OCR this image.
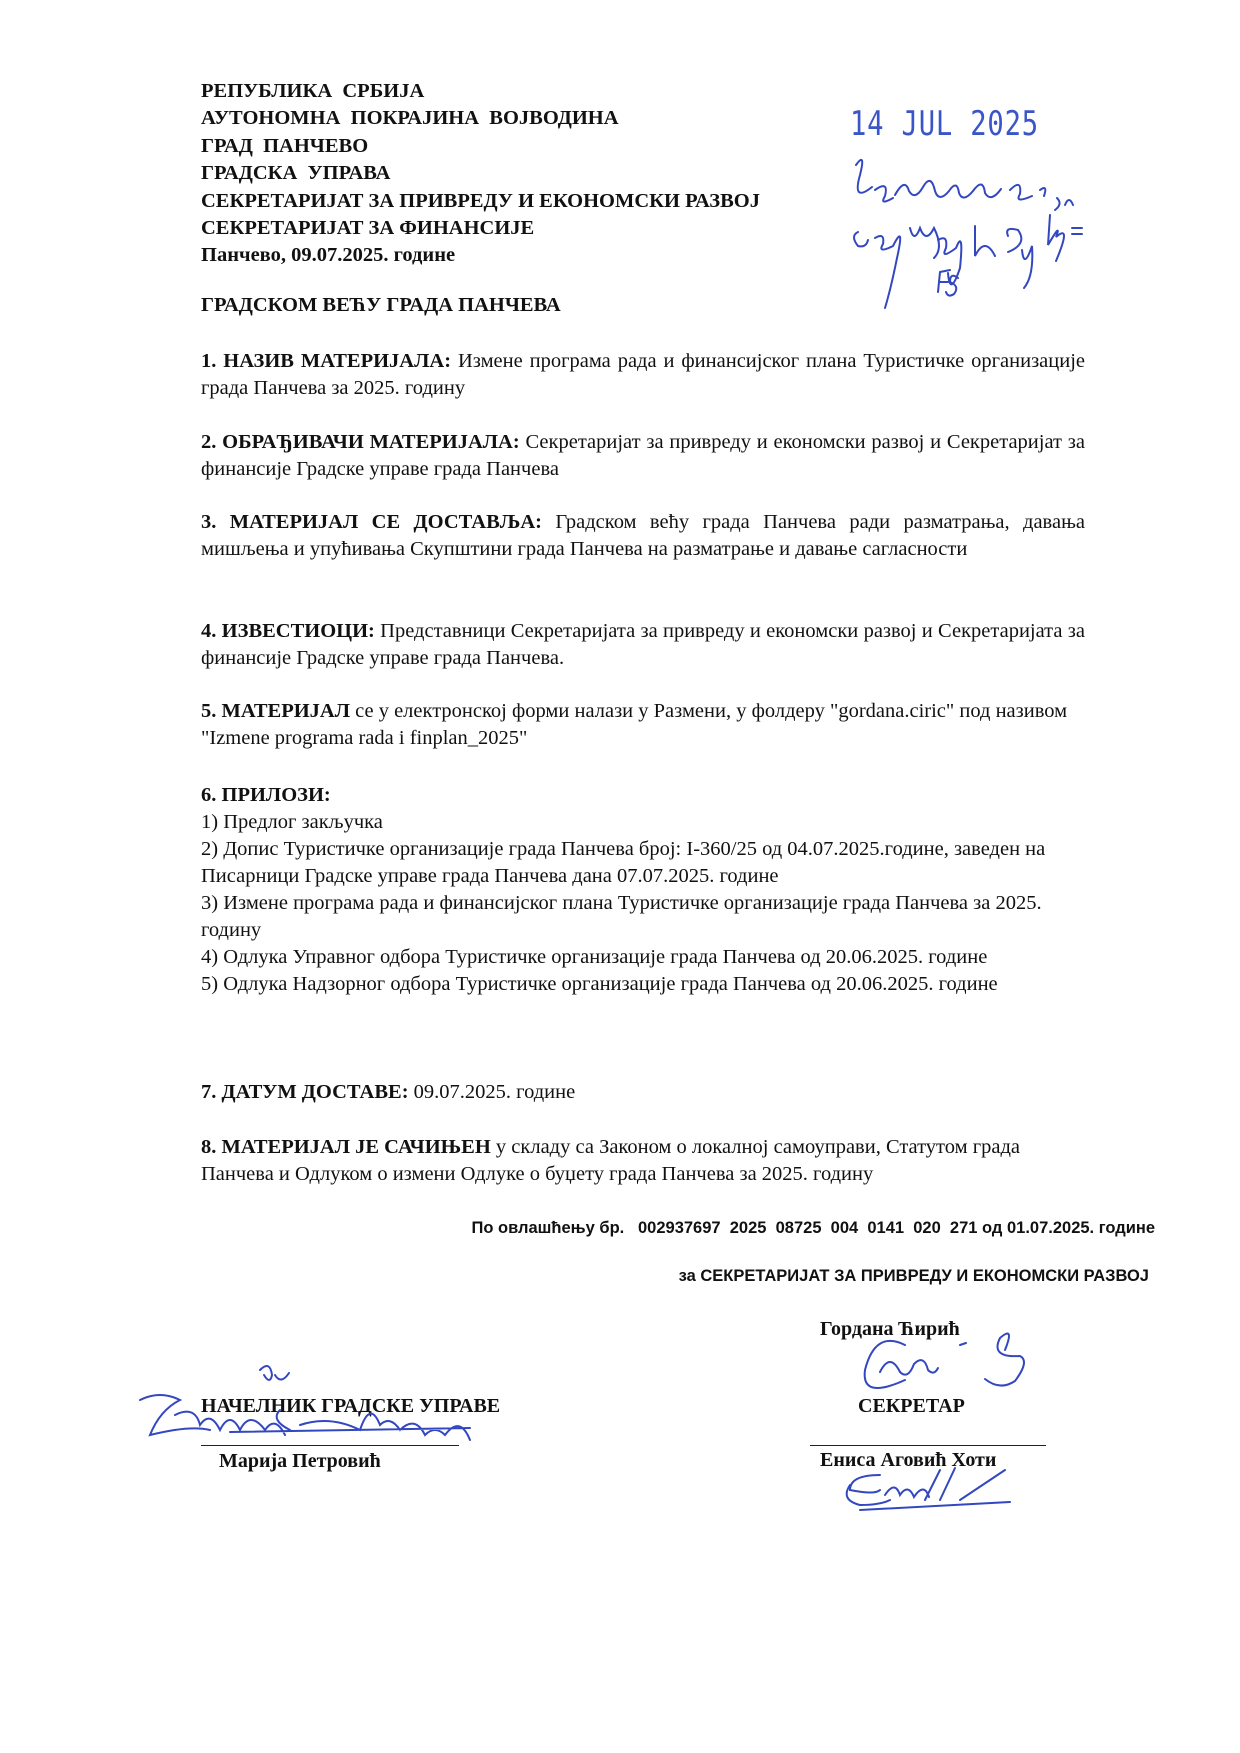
РЕПУБЛИКА  СРБИЈА
АУТОНОМНА  ПОКРАЈИНА  ВОЈВОДИНА
ГРАД  ПАНЧЕВО
ГРАДСКА  УПРАВА
СЕКРЕТАРИЈАТ ЗА ПРИВРЕДУ И ЕКОНОМСКИ РАЗВОЈ
СЕКРЕТАРИЈАТ ЗА ФИНАНСИЈЕ
Панчево, 09.07.2025. године
14 JUL 2025
ГРАДСКОМ ВЕЋУ ГРАДА ПАНЧЕВА
1. НАЗИВ МАТЕРИЈАЛА: Измене програма рада и финансијског плана Туристичке организације града Панчева за 2025. годину
2. ОБРАЂИВАЧИ МАТЕРИЈАЛА: Секретаријат за привреду и економски развој и Секретаријат за финансије Градске управе града Панчева
3. МАТЕРИЈАЛ СЕ ДОСТАВЉА: Градском већу града Панчева ради разматрања, давања мишљења и упућивања Скупштини града Панчева на разматрање и давање сагласности
4. ИЗВЕСТИОЦИ: Представници Секретаријата за привреду и економски развој и Секретаријата за финансије Градске управе града Панчева.
5. МАТЕРИЈАЛ се у електронској форми налази у Размени, у фолдеру "gordana.ciric" под називом "Izmene programa rada i finplan_2025"
6. ПРИЛОЗИ:
1) Предлог закључка
2) Допис Туристичке организације града Панчева број: I-360/25 од 04.07.2025.године, заведен на Писарници Градске управе града Панчева дана 07.07.2025. године
3) Измене програма рада и финансијског плана Туристичке организације града Панчева за 2025. годину
4) Одлука Управног одбора Туристичке организације града Панчева од 20.06.2025. године
5) Одлука Надзорног одбора Туристичке организације града Панчева од 20.06.2025. године
7. ДАТУМ ДОСТАВЕ: 09.07.2025. године
8. МАТЕРИЈАЛ ЈЕ САЧИЊЕН у складу са Законом о локалној самоуправи, Статутом града Панчева и Одлуком о измени Одлуке о буџету града Панчева за 2025. годину
По овлашћењу бр.   002937697  2025  08725  004  0141  020  271 од 01.07.2025. године
за СЕКРЕТАРИЈАТ ЗА ПРИВРЕДУ И ЕКОНОМСКИ РАЗВОЈ
Гордана Ћирић
СЕКРЕТАР
Ениса Аговић Хоти
НАЧЕЛНИК ГРАДСКЕ УПРАВЕ
Марија Петровић
